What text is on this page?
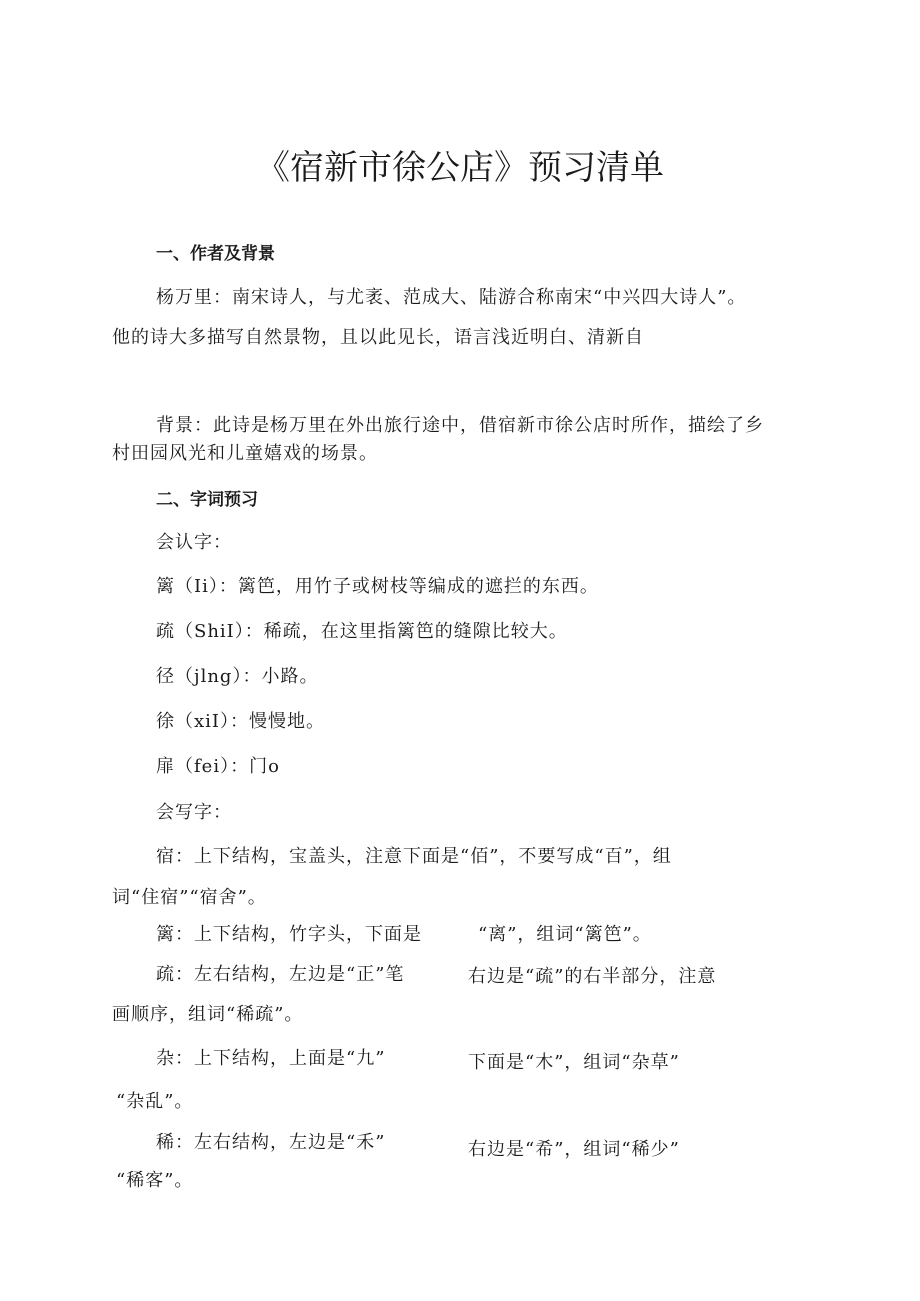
《宿新市徐公店》预习清单

一、作者及背景

杨万里：南宋诗人，与尤袤、范成大、陆游合称南宋“中兴四大诗人”。

他的诗大多描写自然景物，且以此见长，语言浅近明白、清新自

背景：此诗是杨万里在外出旅行途中，借宿新市徐公店时所作，描绘了乡

村田园风光和儿童嬉戏的场景。

二、字词预习

会认字：

篱（Ii）：篱笆，用竹子或树枝等编成的遮拦的东西。

疏（ShiI）：稀疏，在这里指篱笆的缝隙比较大。

径（jlng）：小路。

徐（xiI）：慢慢地。

扉（fei）：门o

会写字：

宿：上下结构，宝盖头，注意下面是“佰”，不要写成“百”，组

词“住宿”“宿舍”。

篱：上下结构，竹字头，下面是	“离”，组词“篱笆”。

疏：左右结构，左边是“正”笔	右边是“疏”的右半部分，注意

画顺序，组词“稀疏”。

杂：上下结构，上面是“九”	下面是“木”，组词“杂草”

“杂乱”。

稀：左右结构，左边是“禾”	右边是“希”，组词“稀少”

“稀客”。
